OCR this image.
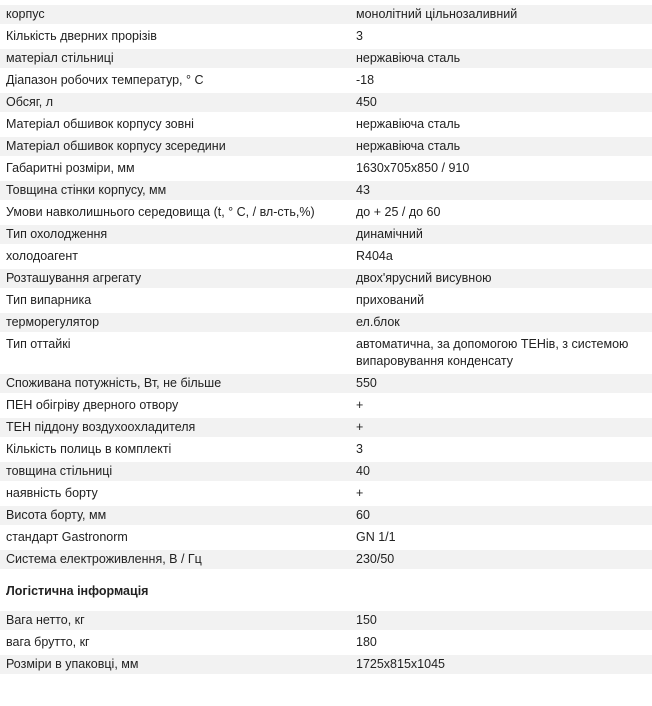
корпус	монолітний цільнозаливний
Кількість дверних прорізів	3
матеріал стільниці	нержавіюча сталь
Діапазон робочих температур, ° С	-18
Обсяг, л	450
Матеріал обшивок корпусу зовні	нержавіюча сталь
Матеріал обшивок корпусу зсередини	нержавіюча сталь
Габаритні розміри, мм	1630x705x850 / 910
Товщина стінки корпусу, мм	43
Умови навколишнього середовища (t, ° C, / вл-сть,%)	до + 25 / до 60
Тип охолодження	динамічний
холодоагент	R404a
Розташування агрегату	двох'ярусний висувною
Тип випарника	прихований
терморегулятор	ел.блок
Тип оттайкі	автоматична, за допомогою ТЕНів, з системою випаровування конденсату
Споживана потужність, Вт, не більше	550
ПЕН обігріву дверного отвору	+
ТЕН піддону воздухоохладителя	+
Кількість полиць в комплекті	3
товщина стільниці	40
наявність борту	+
Висота борту, мм	60
стандарт Gastronorm	GN 1/1
Система електроживлення, В / Гц	230/50
Логістична інформація
Вага нетто, кг	150
вага брутто, кг	180
Розміри в упаковці, мм	1725x815x1045
